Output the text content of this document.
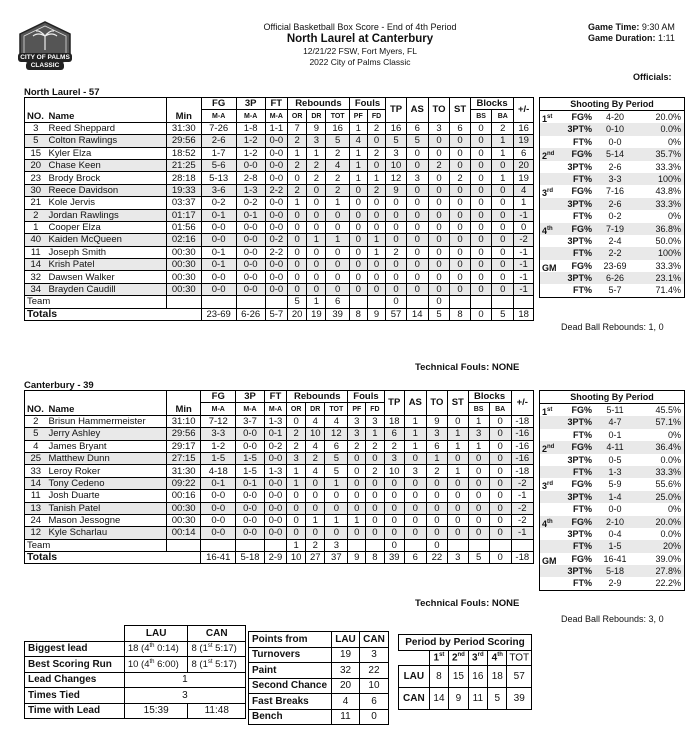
CITY OF PALMS
CLASSIC
Official Basketball Box Score - End of 4th Period
North Laurel at Canterbury
12/21/22 FSW, Fort Myers, FL
2022 City of Palms Classic
Game Time: 9:30 AM
Game Duration: 1:11
Officials:
North Laurel - 57
NO.	Name	Min	FG	3P	FT	Rebounds			Fouls		TP	AS	TO	ST	Blocks		+/-
			M-A	M-A	M-A	OR	DR	TOT	PF	FD					BS	BA	
3	Reed Sheppard	31:30	7-26	1-8	1-1	7	9	16	1	2	16	6	3	6	0	2	16
5	Colton Rawlings	29:56	2-6	1-2	0-0	2	3	5	4	0	5	5	0	0	0	1	19
15	Kyler Elza	18:52	1-7	1-2	0-0	1	1	2	1	2	3	0	0	0	0	1	6
20	Chase Keen	21:25	5-6	0-0	0-0	2	2	4	1	0	10	0	2	0	0	0	20
23	Brody Brock	28:18	5-13	2-8	0-0	0	2	2	1	1	12	3	0	2	0	1	19
30	Reece Davidson	19:33	3-6	1-3	2-2	2	0	2	0	2	9	0	0	0	0	0	4
21	Kole Jervis	03:37	0-2	0-2	0-0	1	0	1	0	0	0	0	0	0	0	0	1
2	Jordan Rawlings	01:17	0-1	0-1	0-0	0	0	0	0	0	0	0	0	0	0	0	-1
1	Cooper Elza	01:56	0-0	0-0	0-0	0	0	0	0	0	0	0	0	0	0	0	0
40	Kaiden McQueen	02:16	0-0	0-0	0-2	0	1	1	0	1	0	0	0	0	0	0	-2
11	Joseph Smith	00:30	0-1	0-0	2-2	0	0	0	0	1	2	0	0	0	0	0	-1
14	Krish Patel	00:30	0-1	0-0	0-0	0	0	0	0	0	0	0	0	0	0	0	-1
32	Dawsen Walker	00:30	0-0	0-0	0-0	0	0	0	0	0	0	0	0	0	0	0	-1
34	Brayden Caudill	00:30	0-0	0-0	0-0	0	0	0	0	0	0	0	0	0	0	0	-1
Team						5	1	6			0		0				
Totals			23-69	6-26	5-7	20	19	39	8	9	57	14	5	8	0	5	18
Technical Fouls: NONE
Shooting By Period
1st	FG%	4-20	20.0%
3PT%	0-10	0.0%
FT%	0-0	0%
2nd	FG%	5-14	35.7%
3PT%	2-6	33.3%
FT%	3-3	100%
3rd	FG%	7-16	43.8%
3PT%	2-6	33.3%
FT%	0-2	0%
4th	FG%	7-19	36.8%
3PT%	2-4	50.0%
FT%	2-2	100%
GM	FG%	23-69	33.3%
3PT%	6-26	23.1%
FT%	5-7	71.4%
Dead Ball Rebounds: 1, 0
Canterbury - 39
NO.	Name	Min	FG	3P	FT	Rebounds			Fouls		TP	AS	TO	ST	Blocks		+/-
			M-A	M-A	M-A	OR	DR	TOT	PF	FD					BS	BA	
2	Brisun Hammermeister	31:10	7-12	3-7	1-3	0	4	4	3	3	18	1	9	0	1	0	-18
5	Jerry Ashley	29:56	3-3	0-0	0-1	2	10	12	3	1	6	1	3	1	3	0	-16
4	James Bryant	29:17	1-2	0-0	0-2	2	4	6	2	2	2	1	6	1	1	0	-16
25	Matthew Dunn	27:15	1-5	1-5	0-0	3	2	5	0	0	3	0	1	0	0	0	-16
33	Leroy Roker	31:30	4-18	1-5	1-3	1	4	5	0	2	10	3	2	1	0	0	-18
14	Tony Cedeno	09:22	0-1	0-1	0-0	1	0	1	0	0	0	0	0	0	0	0	-2
11	Josh Duarte	00:16	0-0	0-0	0-0	0	0	0	0	0	0	0	0	0	0	0	-1
13	Tanish Patel	00:30	0-0	0-0	0-0	0	0	0	0	0	0	0	0	0	0	0	-2
24	Mason Jessogne	00:30	0-0	0-0	0-0	0	1	1	1	0	0	0	0	0	0	0	-2
12	Kyle Scharlau	00:14	0-0	0-0	0-0	0	0	0	0	0	0	0	0	0	0	0	-1
Team						1	2	3			0		0				
Totals			16-41	5-18	2-9	10	27	37	9	8	39	6	22	3	5	0	-18
Technical Fouls: NONE
Shooting By Period
1st	FG%	5-11	45.5%
3PT%	4-7	57.1%
FT%	0-1	0%
2nd	FG%	4-11	36.4%
3PT%	0-5	0.0%
FT%	1-3	33.3%
3rd	FG%	5-9	55.6%
3PT%	1-4	25.0%
FT%	0-0	0%
4th	FG%	2-10	20.0%
3PT%	0-4	0.0%
FT%	1-5	20%
GM	FG%	16-41	39.0%
3PT%	5-18	27.8%
FT%	2-9	22.2%
Dead Ball Rebounds: 3, 0
	LAU	CAN
Biggest lead	18 (4th 0:14)	8 (1st 5:17)
Best Scoring Run	10 (4th 6:00)	8 (1st 5:17)
Lead Changes	1	
Times Tied	3	
Time with Lead	15:39	11:48
Points from	LAU	CAN
Turnovers	19	3
Paint	32	22
Second Chance	20	10
Fast Breaks	4	6
Bench	11	0
Period by Period Scoring					
	1st	2nd	3rd	4th	TOT
LAU	8	15	16	18	57
CAN	14	9	11	5	39
